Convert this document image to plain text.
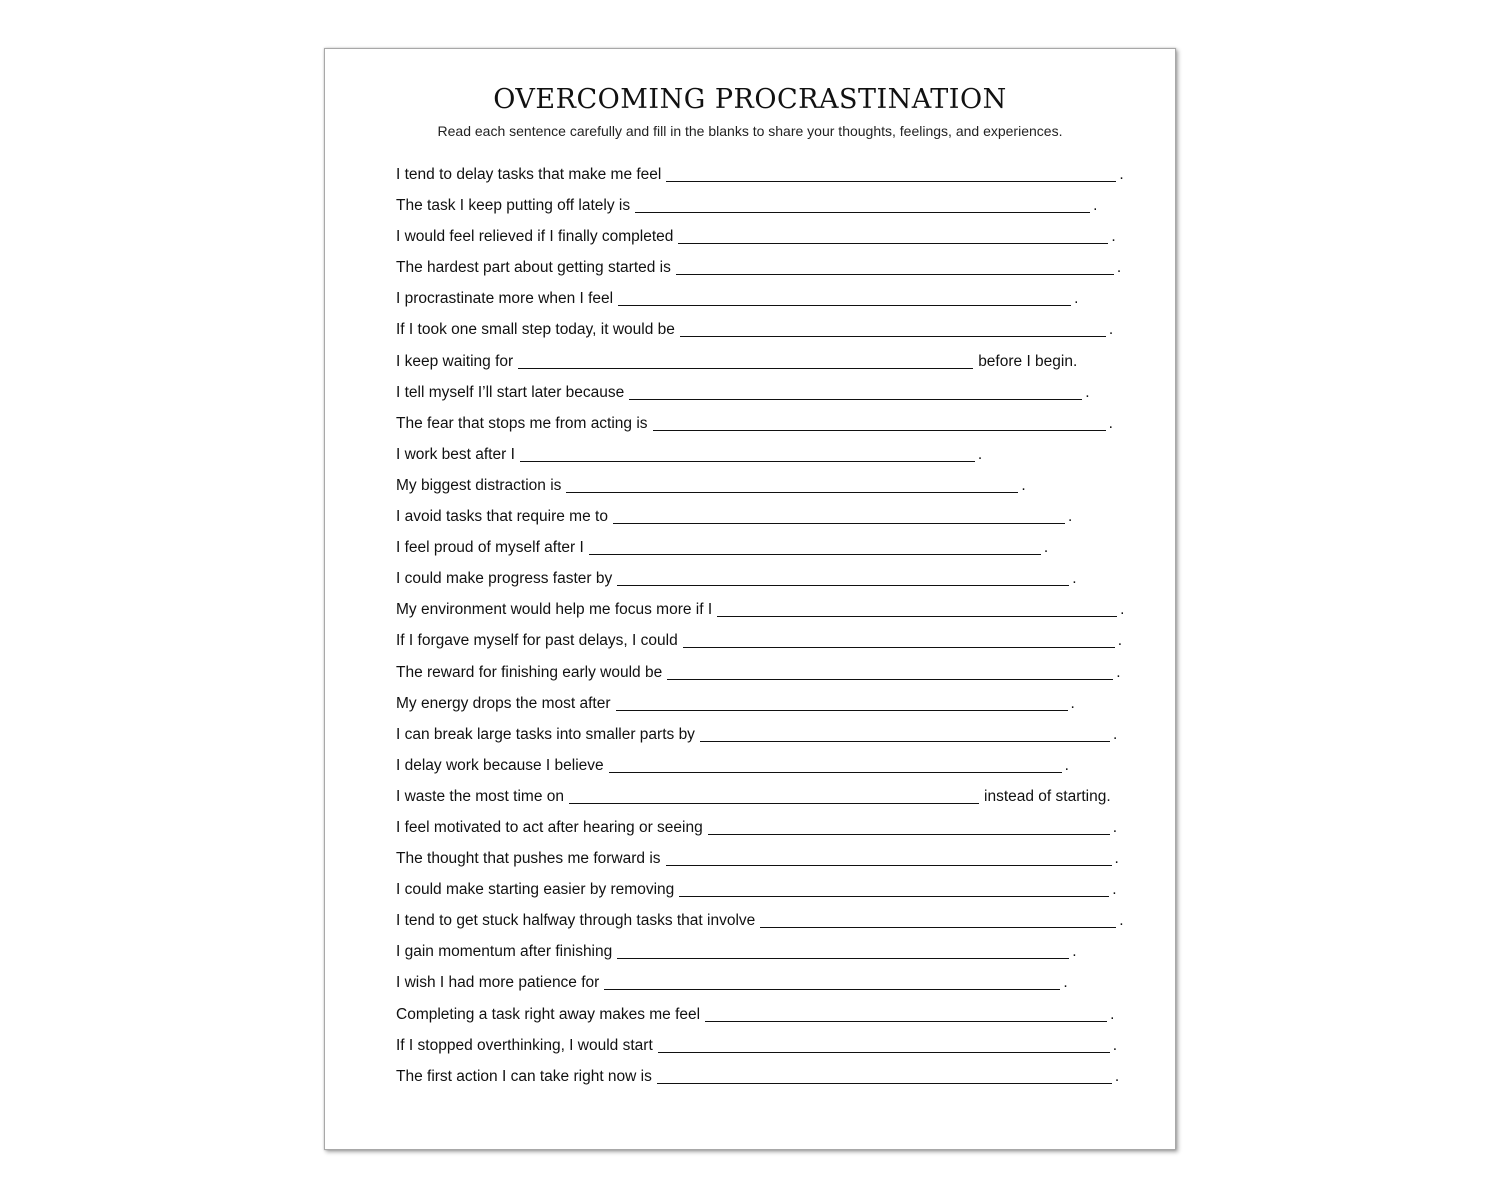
OVERCOMING PROCRASTINATION

Read each sentence carefully and fill in the blanks to share your thoughts, feelings, and experiences.

I tend to delay tasks that make me feel	.
The task I keep putting off lately is	.
I would feel relieved if I finally completed	.
The hardest part about getting started is	.
I procrastinate more when I feel	.
If I took one small step today, it would be	.
I keep waiting for	before I begin.
I tell myself I’ll start later because	.
The fear that stops me from acting is	.
I work best after I	.
My biggest distraction is	.
I avoid tasks that require me to	.
I feel proud of myself after I	.
I could make progress faster by	.
My environment would help me focus more if I	.
If I forgave myself for past delays, I could	.
The reward for finishing early would be	.
My energy drops the most after	.
I can break large tasks into smaller parts by	.
I delay work because I believe	.
I waste the most time on	instead of starting.
I feel motivated to act after hearing or seeing	.
The thought that pushes me forward is	.
I could make starting easier by removing	.
I tend to get stuck halfway through tasks that involve	.
I gain momentum after finishing	.
I wish I had more patience for	.
Completing a task right away makes me feel	.
If I stopped overthinking, I would start	.
The first action I can take right now is	.
